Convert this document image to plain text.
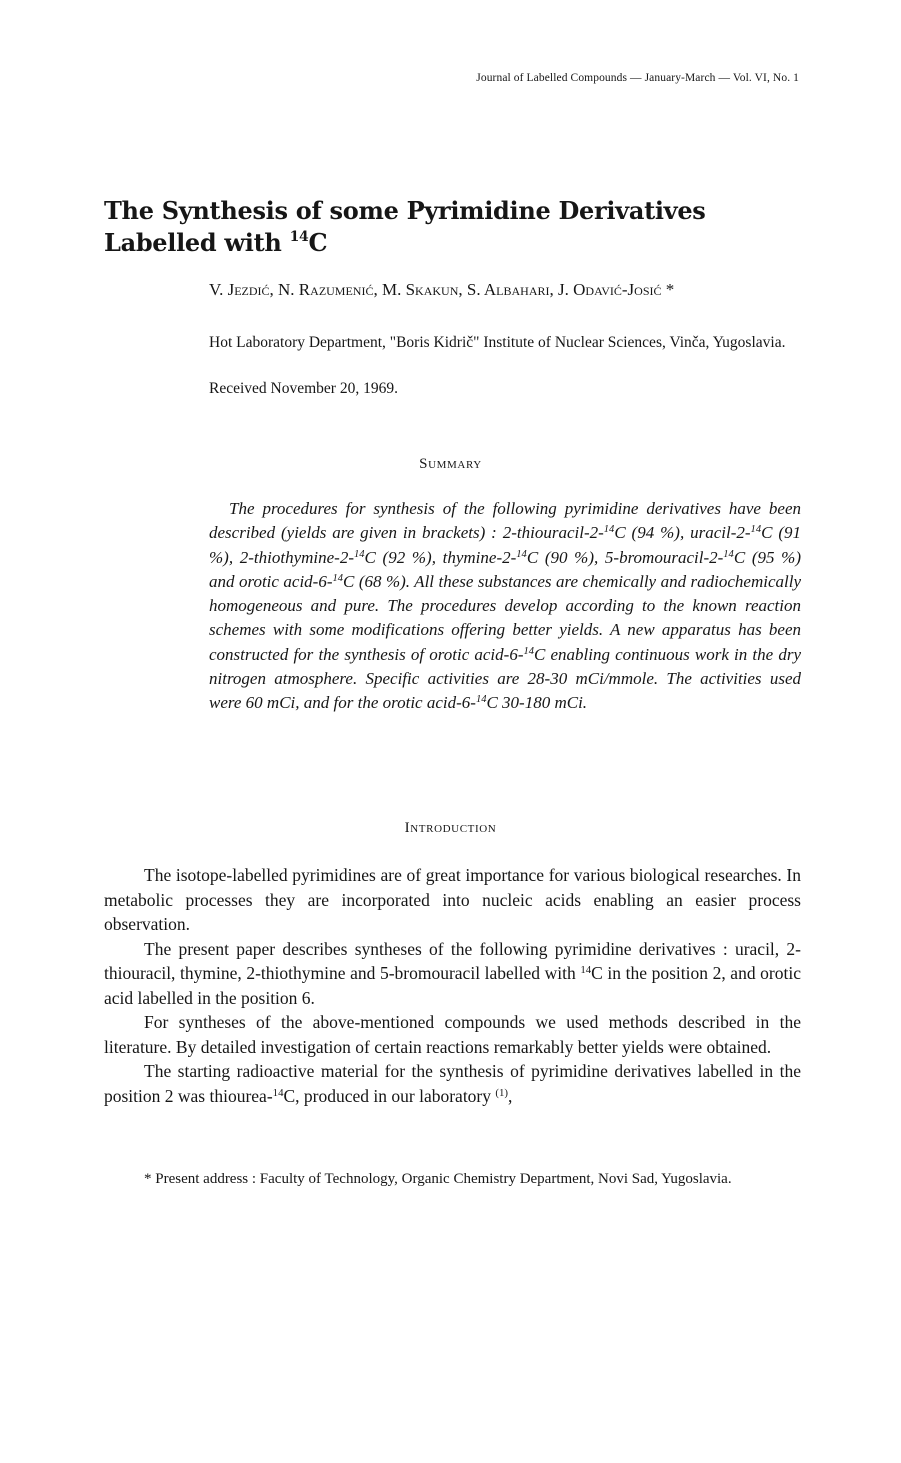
Journal of Labelled Compounds — January-March — Vol. VI, No. 1
The Synthesis of some Pyrimidine Derivatives
Labelled with $^{14}$C
V. Jezdić, N. Razumenić, M. Skakun, S. Albahari, J. Odavić-Josić *
Hot Laboratory Department, "Boris Kidrič" Institute of Nuclear Sciences, Vinča, Yugoslavia.
Received November 20, 1969.
Summary

The procedures for synthesis of the following pyrimidine derivatives have been described (yields are given in brackets) : 2-thiouracil-2-$^{14}$C (94 %), uracil-2-$^{14}$C (91 %), 2-thiothymine-2-$^{14}$C (92 %), thymine-2-$^{14}$C (90 %), 5-bromouracil-2-$^{14}$C (95 %) and orotic acid-6-$^{14}$C (68 %). All these substances are chemically and radiochemically homogeneous and pure. The procedures develop according to the known reaction schemes with some modifications offering better yields. A new apparatus has been constructed for the synthesis of orotic acid-6-$^{14}$C enabling continuous work in the dry nitrogen atmosphere. Specific activities are 28-30 mCi/mmole. The activities used were 60 mCi, and for the orotic acid-6-$^{14}$C 30-180 mCi.

Introduction

The isotope-labelled pyrimidines are of great importance for various biological researches. In metabolic processes they are incorporated into nucleic acids enabling an easier process observation.

The present paper describes syntheses of the following pyrimidine derivatives : uracil, 2-thiouracil, thymine, 2-thiothymine and 5-bromouracil labelled with $^{14}$C in the position 2, and orotic acid labelled in the position 6.

For syntheses of the above-mentioned compounds we used methods described in the literature. By detailed investigation of certain reactions remarkably better yields were obtained.

The starting radioactive material for the synthesis of pyrimidine derivatives labelled in the position 2 was thiourea-$^{14}$C, produced in our laboratory $^{(1)}$,

* Present address : Faculty of Technology, Organic Chemistry Department, Novi Sad, Yugoslavia.
